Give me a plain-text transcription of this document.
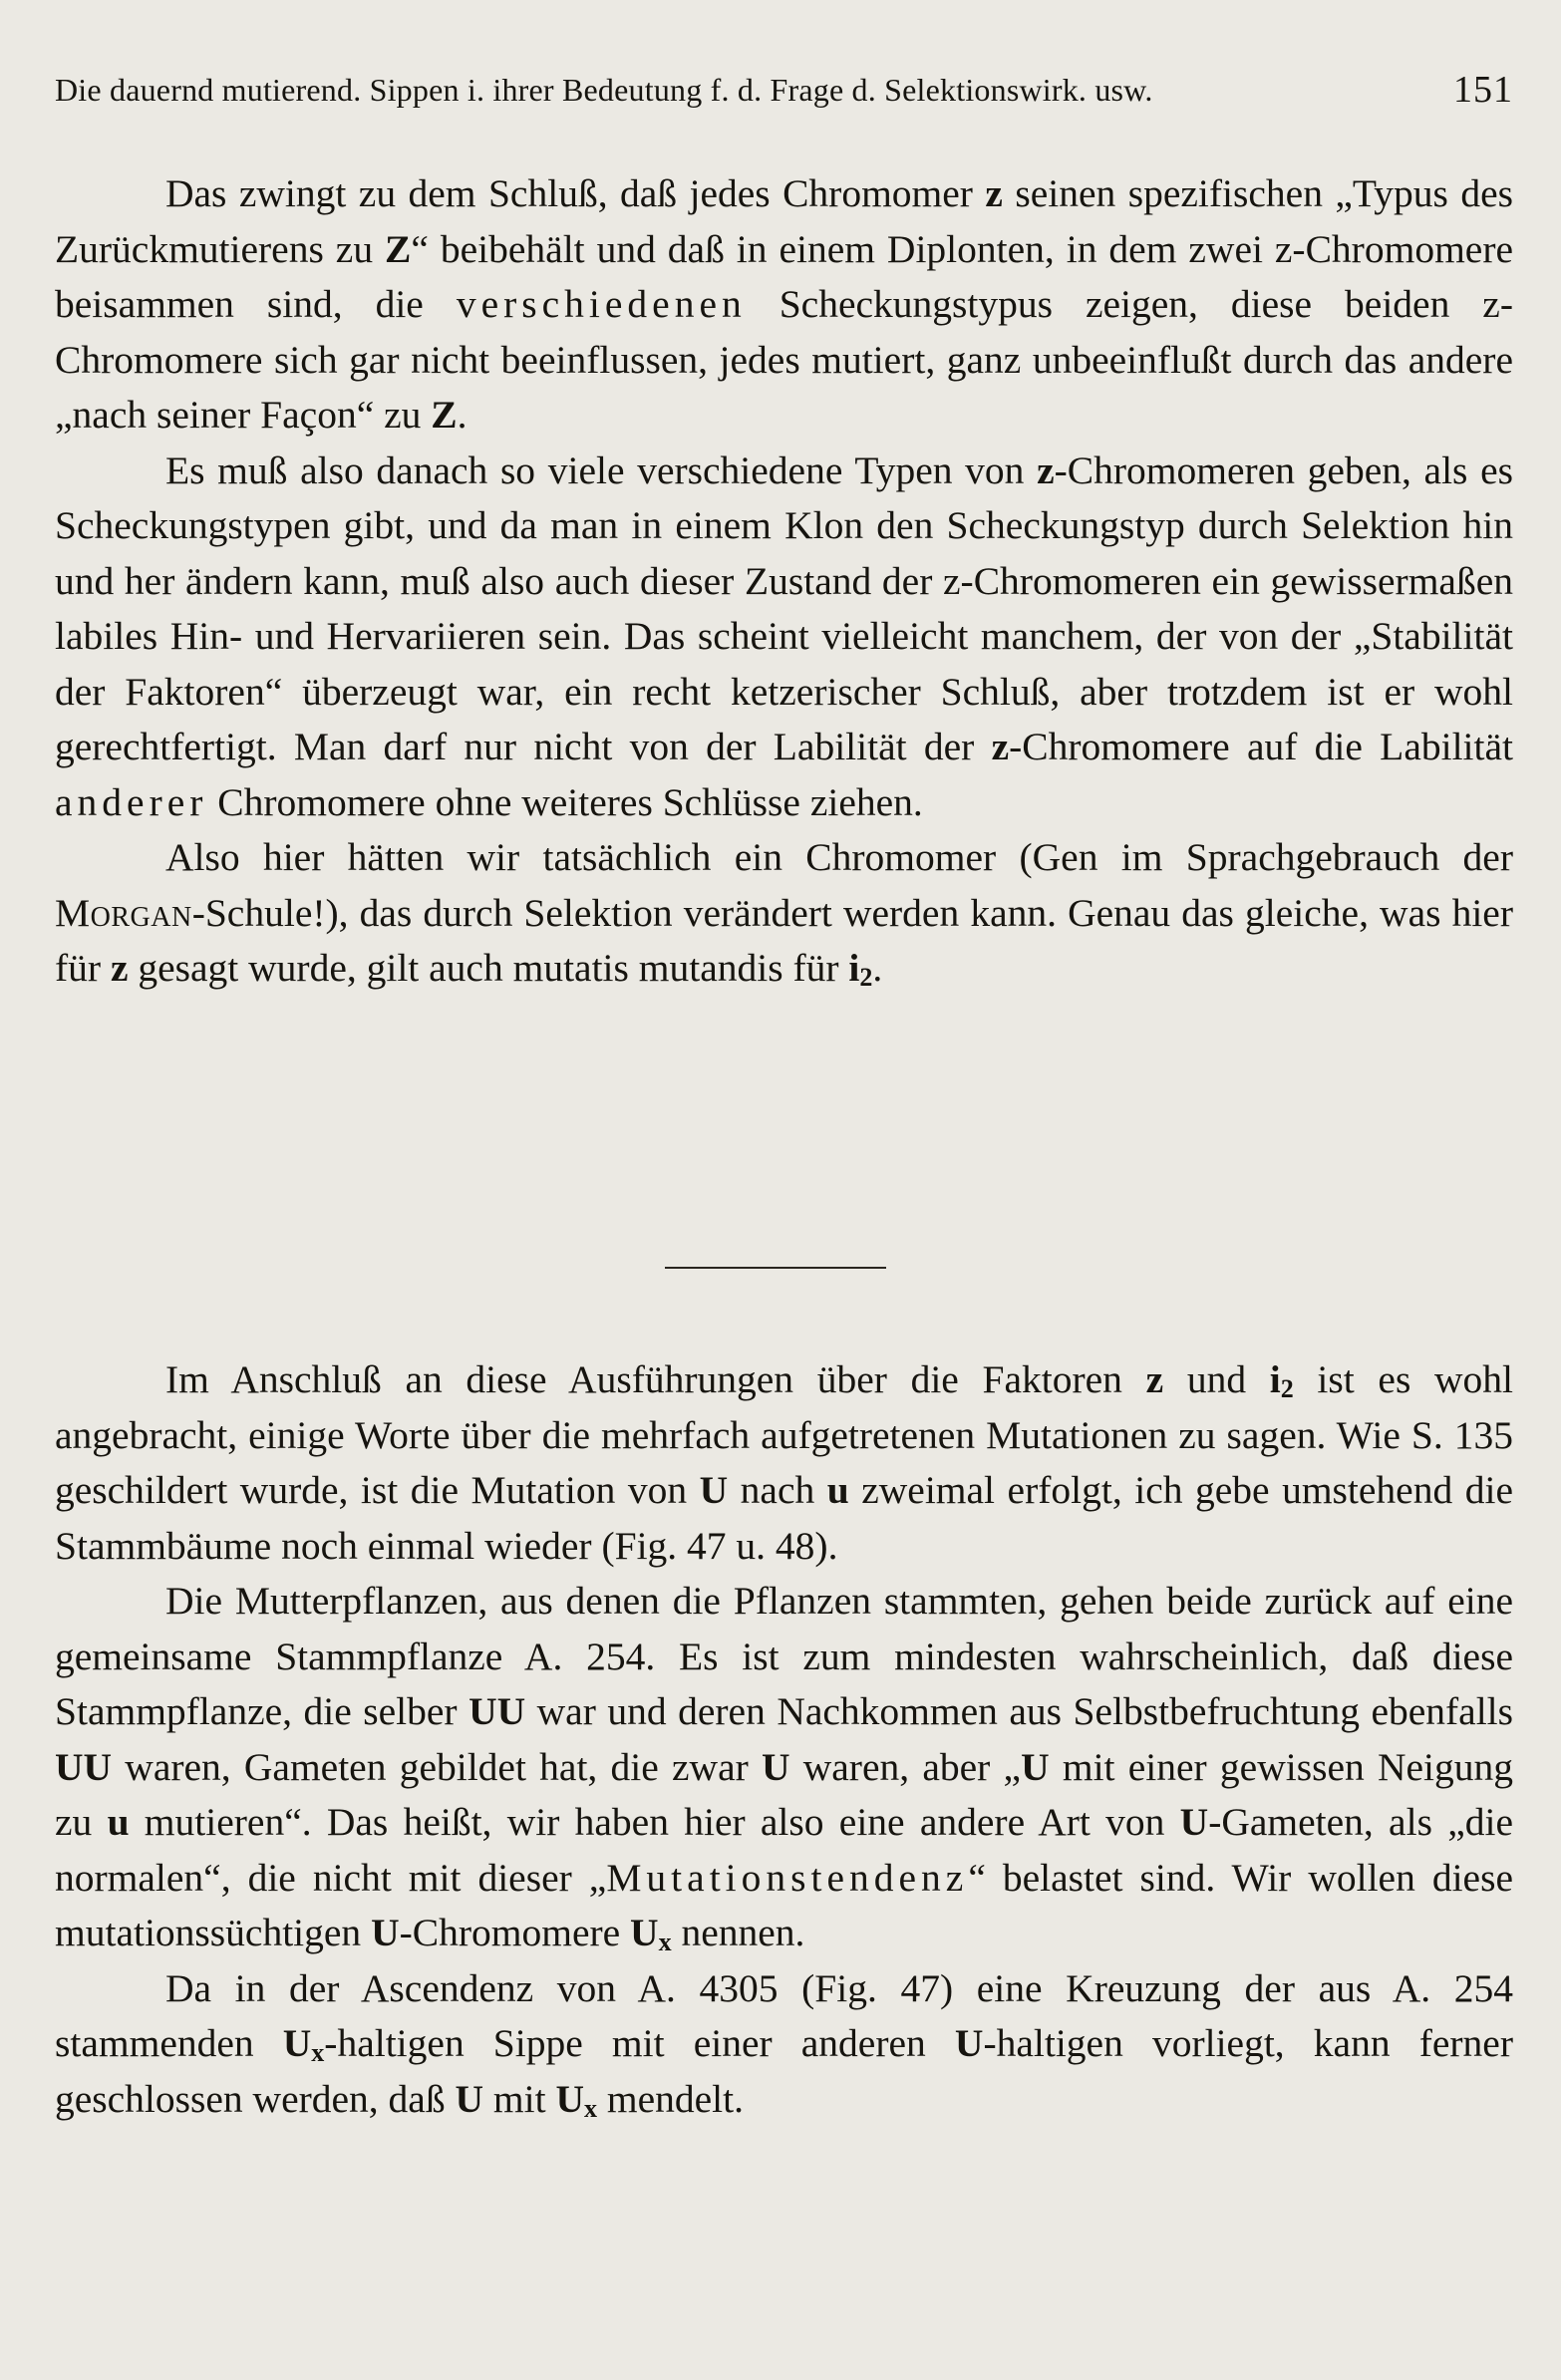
Die dauernd mutierend. Sippen i. ihrer Bedeutung f. d. Frage d. Selektionswirk. usw.	151

Das zwingt zu dem Schluß, daß jedes Chromomer z seinen spezifischen „Typus des Zurückmutierens zu Z“ beibehält und daß in einem Diplonten, in dem zwei z-Chromomere beisammen sind, die verschiedenen Scheckungstypus zeigen, diese beiden z-Chromomere sich gar nicht beeinflussen, jedes mutiert, ganz unbeeinflußt durch das andere „nach seiner Façon“ zu Z.

Es muß also danach so viele verschiedene Typen von z-Chromomeren geben, als es Scheckungstypen gibt, und da man in einem Klon den Scheckungstyp durch Selektion hin und her ändern kann, muß also auch dieser Zustand der z-Chromomeren ein gewissermaßen labiles Hin- und Hervariieren sein. Das scheint vielleicht manchem, der von der „Stabilität der Faktoren“ überzeugt war, ein recht ketzerischer Schluß, aber trotzdem ist er wohl gerechtfertigt. Man darf nur nicht von der Labilität der z-Chromomere auf die Labilität anderer Chromomere ohne weiteres Schlüsse ziehen.

Also hier hätten wir tatsächlich ein Chromomer (Gen im Sprachgebrauch der Morgan-Schule!), das durch Selektion verändert werden kann. Genau das gleiche, was hier für z gesagt wurde, gilt auch mutatis mutandis für $i_2$.

Im Anschluß an diese Ausführungen über die Faktoren z und $i_2$ ist es wohl angebracht, einige Worte über die mehrfach aufgetretenen Mutationen zu sagen. Wie S. 135 geschildert wurde, ist die Mutation von U nach u zweimal erfolgt, ich gebe umstehend die Stammbäume noch einmal wieder (Fig. 47 u. 48).

Die Mutterpflanzen, aus denen die Pflanzen stammten, gehen beide zurück auf eine gemeinsame Stammpflanze A. 254. Es ist zum mindesten wahrscheinlich, daß diese Stammpflanze, die selber UU war und deren Nachkommen aus Selbstbefruchtung ebenfalls UU waren, Gameten gebildet hat, die zwar U waren, aber „U mit einer gewissen Neigung zu u mutieren“. Das heißt, wir haben hier also eine andere Art von U-Gameten, als „die normalen“, die nicht mit dieser „Mutationstendenz“ belastet sind. Wir wollen diese mutationssüchtigen U-Chromomere $U_x$ nennen.

Da in der Ascendenz von A. 4305 (Fig. 47) eine Kreuzung der aus A. 254 stammenden $U_x$-haltigen Sippe mit einer anderen U-haltigen vorliegt, kann ferner geschlossen werden, daß U mit $U_x$ mendelt.
